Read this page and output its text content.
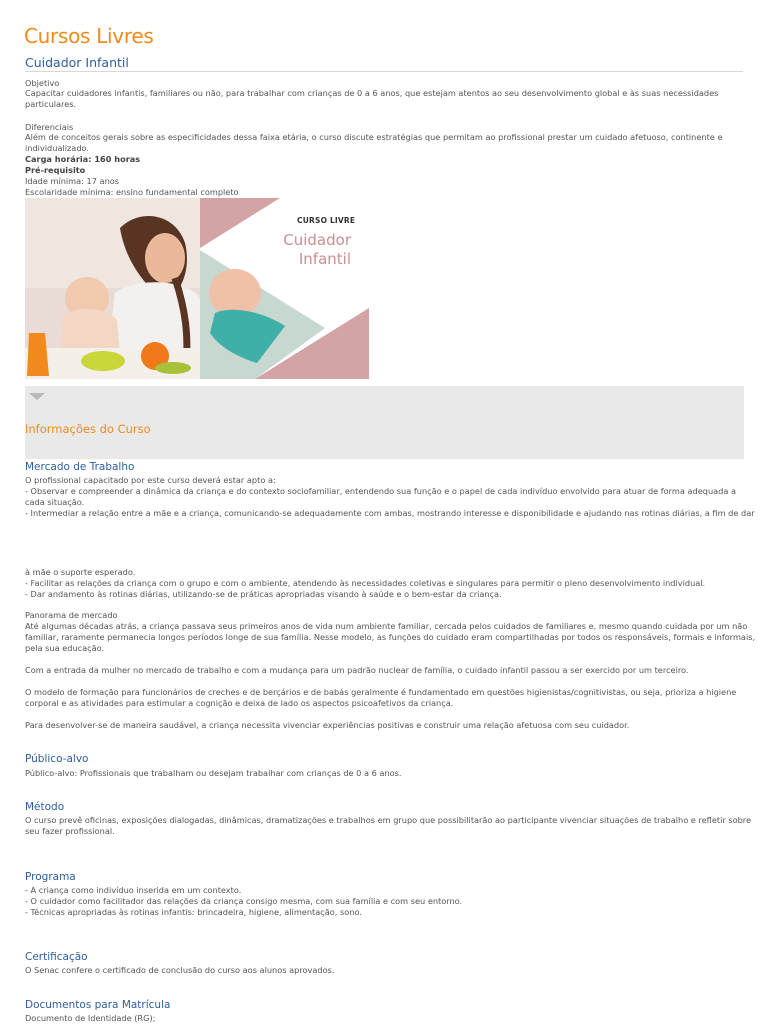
Cursos Livres
Cuidador Infantil
Objetivo
Capacitar cuidadores infantis, familiares ou não, para trabalhar com crianças de 0 a 6 anos, que estejam atentos ao seu desenvolvimento global e às suas necessidades
particulares.
Diferenciais
Além de conceitos gerais sobre as especificidades dessa faixa etária, o curso discute estratégias que permitam ao profissional prestar um cuidado afetuoso, continente e
individualizado.
Carga horária: 160 horas
Pré-requisito
Idade mínima: 17 anos
Escolaridade mínima: ensino fundamental completo
CURSO LIVRE
Cuidador
Infantil
Informações do Curso
Mercado de Trabalho
O profissional capacitado por este curso deverá estar apto a:
- Observar e compreender a dinâmica da criança e do contexto sociofamiliar, entendendo sua função e o papel de cada indivíduo envolvido para atuar de forma adequada a
cada situação.
- Intermediar a relação entre a mãe e a criança, comunicando-se adequadamente com ambas, mostrando interesse e disponibilidade e ajudando nas rotinas diárias, a fim de dar
à mãe o suporte esperado.
- Facilitar as relações da criança com o grupo e com o ambiente, atendendo às necessidades coletivas e singulares para permitir o pleno desenvolvimento individual.
- Dar andamento às rotinas diárias, utilizando-se de práticas apropriadas visando à saúde e o bem-estar da criança.
Panorama de mercado
Até algumas décadas atrás, a criança passava seus primeiros anos de vida num ambiente familiar, cercada pelos cuidados de familiares e, mesmo quando cuidada por um não
familiar, raramente permanecia longos períodos longe de sua família. Nesse modelo, as funções do cuidado eram compartilhadas por todos os responsáveis, formais e informais,
pela sua educação.
Com a entrada da mulher no mercado de trabalho e com a mudança para um padrão nuclear de família, o cuidado infantil passou a ser exercido por um terceiro.
O modelo de formação para funcionários de creches e de berçários e de babás geralmente é fundamentado em questões higienistas/cognitivistas, ou seja, prioriza a higiene
corporal e as atividades para estimular a cognição e deixa de lado os aspectos psicoafetivos da criança.
Para desenvolver-se de maneira saudável, a criança necessita vivenciar experiências positivas e construir uma relação afetuosa com seu cuidador.
Público-alvo
Público-alvo: Profissionais que trabalham ou desejam trabalhar com crianças de 0 a 6 anos.
Método
O curso prevê oficinas, exposições dialogadas, dinâmicas, dramatizações e trabalhos em grupo que possibilitarão ao participante vivenciar situações de trabalho e refletir sobre
seu fazer profissional.
Programa
- A criança como indivíduo inserida em um contexto.
- O cuidador como facilitador das relações da criança consigo mesma, com sua família e com seu entorno.
- Técnicas apropriadas às rotinas infantis: brincadeira, higiene, alimentação, sono.
Certificação
O Senac confere o certificado de conclusão do curso aos alunos aprovados.
Documentos para Matrícula
Documento de Identidade (RG);
